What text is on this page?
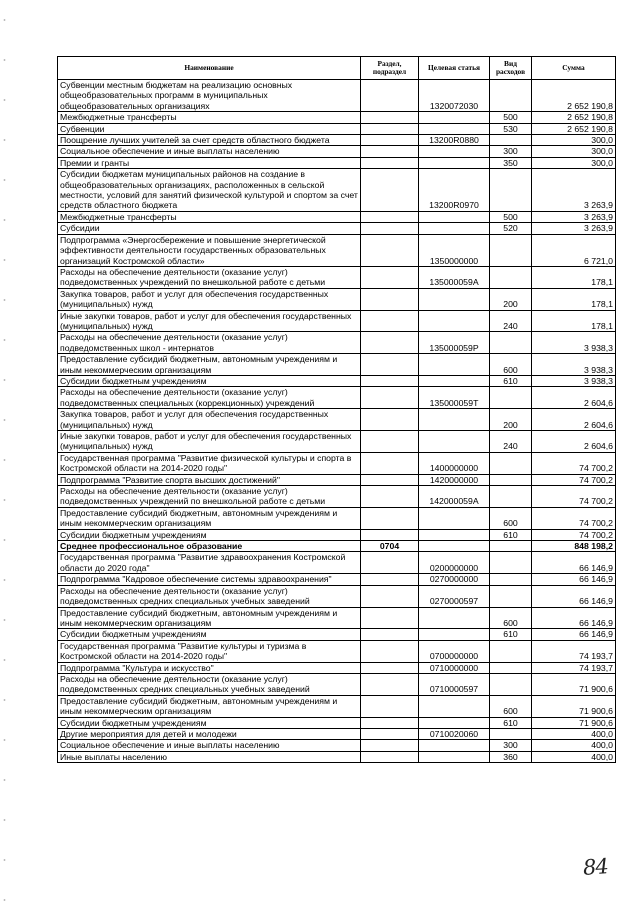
Наименование	Раздел, подраздел	Целевая статья	Вид расходов	Сумма
Субвенции местным бюджетам на реализацию основных общеобразовательных программ в муниципальных общеобразовательных организациях		1320072030		2 652 190,8
Межбюджетные трансферты			500	2 652 190,8
Субвенции			530	2 652 190,8
Поощрение лучших учителей за счет средств областного бюджета		13200R0880		300,0
Социальное обеспечение и иные выплаты населению			300	300,0
Премии и гранты			350	300,0
Субсидии бюджетам муниципальных районов на создание в общеобразовательных организациях, расположенных в сельской местности, условий для занятий физической культурой и спортом за счет средств областного бюджета		13200R0970		3 263,9
Межбюджетные трансферты			500	3 263,9
Субсидии			520	3 263,9
Подпрограмма «Энергосбережение и повышение энергетической эффективности деятельности государственных образовательных организаций Костромской области»		1350000000		6 721,0
Расходы на обеспечение деятельности (оказание услуг) подведомственных учреждений по внешкольной работе с детьми		135000059А		178,1
Закупка товаров, работ и услуг для обеспечения государственных (муниципальных) нужд			200	178,1
Иные закупки товаров, работ и услуг для обеспечения государственных (муниципальных) нужд			240	178,1
Расходы на обеспечение деятельности (оказание услуг) подведомственных школ - интернатов		135000059Р		3 938,3
Предоставление субсидий бюджетным, автономным учреждениям и иным некоммерческим организациям			600	3 938,3
Субсидии бюджетным учреждениям			610	3 938,3
Расходы на обеспечение деятельности (оказание услуг) подведомственных специальных (коррекционных) учреждений		135000059Т		2 604,6
Закупка товаров, работ и услуг для обеспечения государственных (муниципальных) нужд			200	2 604,6
Иные закупки товаров, работ и услуг для обеспечения государственных (муниципальных) нужд			240	2 604,6
Государственная программа "Развитие физической культуры и спорта в Костромской области на 2014-2020 годы"		1400000000		74 700,2
Подпрограмма "Развитие спорта высших достижений"		1420000000		74 700,2
Расходы на обеспечение деятельности (оказание услуг) подведомственных учреждений по внешкольной работе с детьми		142000059А		74 700,2
Предоставление субсидий бюджетным, автономным учреждениям и иным некоммерческим организациям			600	74 700,2
Субсидии бюджетным учреждениям			610	74 700,2
Среднее профессиональное образование	0704			848 198,2
Государственная программа "Развитие здравоохранения Костромской области до 2020 года"		0200000000		66 146,9
Подпрограмма "Кадровое обеспечение системы здравоохранения"		0270000000		66 146,9
Расходы на обеспечение деятельности (оказание услуг) подведомственных средних специальных учебных заведений		0270000597		66 146,9
Предоставление субсидий бюджетным, автономным учреждениям и иным некоммерческим организациям			600	66 146,9
Субсидии бюджетным учреждениям			610	66 146,9
Государственная программа "Развитие культуры и туризма в Костромской области на 2014-2020 годы"		0700000000		74 193,7
Подпрограмма "Культура и искусство"		0710000000		74 193,7
Расходы на обеспечение деятельности (оказание услуг) подведомственных средних специальных учебных заведений		0710000597		71 900,6
Предоставление субсидий бюджетным, автономным учреждениям и иным некоммерческим организациям			600	71 900,6
Субсидии бюджетным учреждениям			610	71 900,6
Другие мероприятия для детей и молодежи		0710020060		400,0
Социальное обеспечение и иные выплаты населению			300	400,0
Иные выплаты населению			360	400,0
84
